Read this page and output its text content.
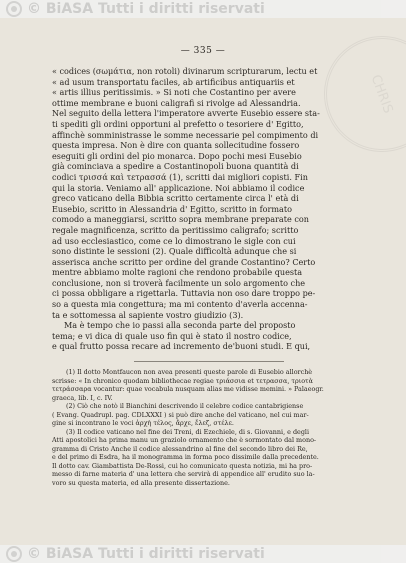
© BiASA Tutti i diritti riservati
CHRIS
— 335 —
« codices (σωμάτια, non rotoli) divinarum scripturarum, lectu et
« ad usum transportatu faciles, ab artificibus antiquariis et
« artis illius peritissimis. » Si noti che Costantino per avere
ottime membrane e buoni caligrafi si rivolge ad Alessandria.
Nel seguito della lettera l'imperatore avverte Eusebio essere sta-
ti spediti gli ordini opportuni al prefetto o tesoriere d' Egitto,
affinchè somministrasse le somme necessarie pel compimento di
questa impresa. Non è dire con quanta sollecitudine fossero
eseguiti gli ordini del pio monarca. Dopo pochi mesi Eusebio
già cominciava a spedire a Costantinopoli buona quantità di
codici τρισσά καὶ τετρασσά (1), scritti dai migliori copisti. Fin
qui la storia. Veniamo all' applicazione. Noi abbiamo il codice
greco vaticano della Bibbia scritto certamente circa l' età di
Eusebio, scritto in Alessandria d' Egitto, scritto in formato
comodo a maneggiarsi, scritto sopra membrane preparate con
regale magnificenza, scritto da peritissimo caligrafo; scritto
ad uso ecclesiastico, come ce lo dimostrano le sigle con cui
sono distinte le sessioni (2). Quale difficoltà adunque che si
asserisca anche scritto per ordine del grande Costantino? Certo
mentre abbiamo molte ragioni che rendono probabile questa
conclusione, non si troverà facilmente un solo argomento che
ci possa obbligare a rigettarla. Tuttavia non oso dare troppo pe-
so a questa mia congettura; ma mi contento d'averla accenna-
ta e sottomessa al sapiente vostro giudizio (3).
Ma è tempo che io passi alla seconda parte del proposto
tema; e vi dica di quale uso fin qui è stato il nostro codice,
e qual frutto possa recare ad incremento de'buoni studi. E qui,
(1) Il dotto Montfaucon non avea presenti queste parole di Eusebio allorchè
scrisse: « In chronico quodam bibliothecae regiae τριάσσια et τετρασσα, τριοτὰ
τετράσσαρα vocantur: quae vocabula nusquam alias me vidisse memini. » Palaeogr.
graeca, lib. I, c. IV.
(2) Ciò che notò il Bianchini descrivendo il celebre codice cantabrigiense
( Evang. Quadrupl. pag. CDLXXXI ) si può dire anche del vaticano, nel cui mar-
gine si incontrano le voci ἀρχὴ τέλος, ἄρχε, ἔλεζ, στέλε.
(3) Il codice vaticano nel fine dei Treni, di Ezechiele, di s. Giovanni, e degli
Atti apostolici ha prima manu un graziolo ornamento che è sormontato dal mono-
gramma di Cristo Anche il codice alessandrino al fine del secondo libro dei Re,
e del primo di Esdra, ha il monogramma in forma poco dissimile dalla precedente.
Il dotto cav. Giambattista De-Rossi, cui ho comunicato questa notizia, mi ha pro-
messo di farne materia d' una lettera che servirà di appendice all' erudito suo la-
voro su questa materia, ed alla presente dissertazione.
© BiASA Tutti i diritti riservati
